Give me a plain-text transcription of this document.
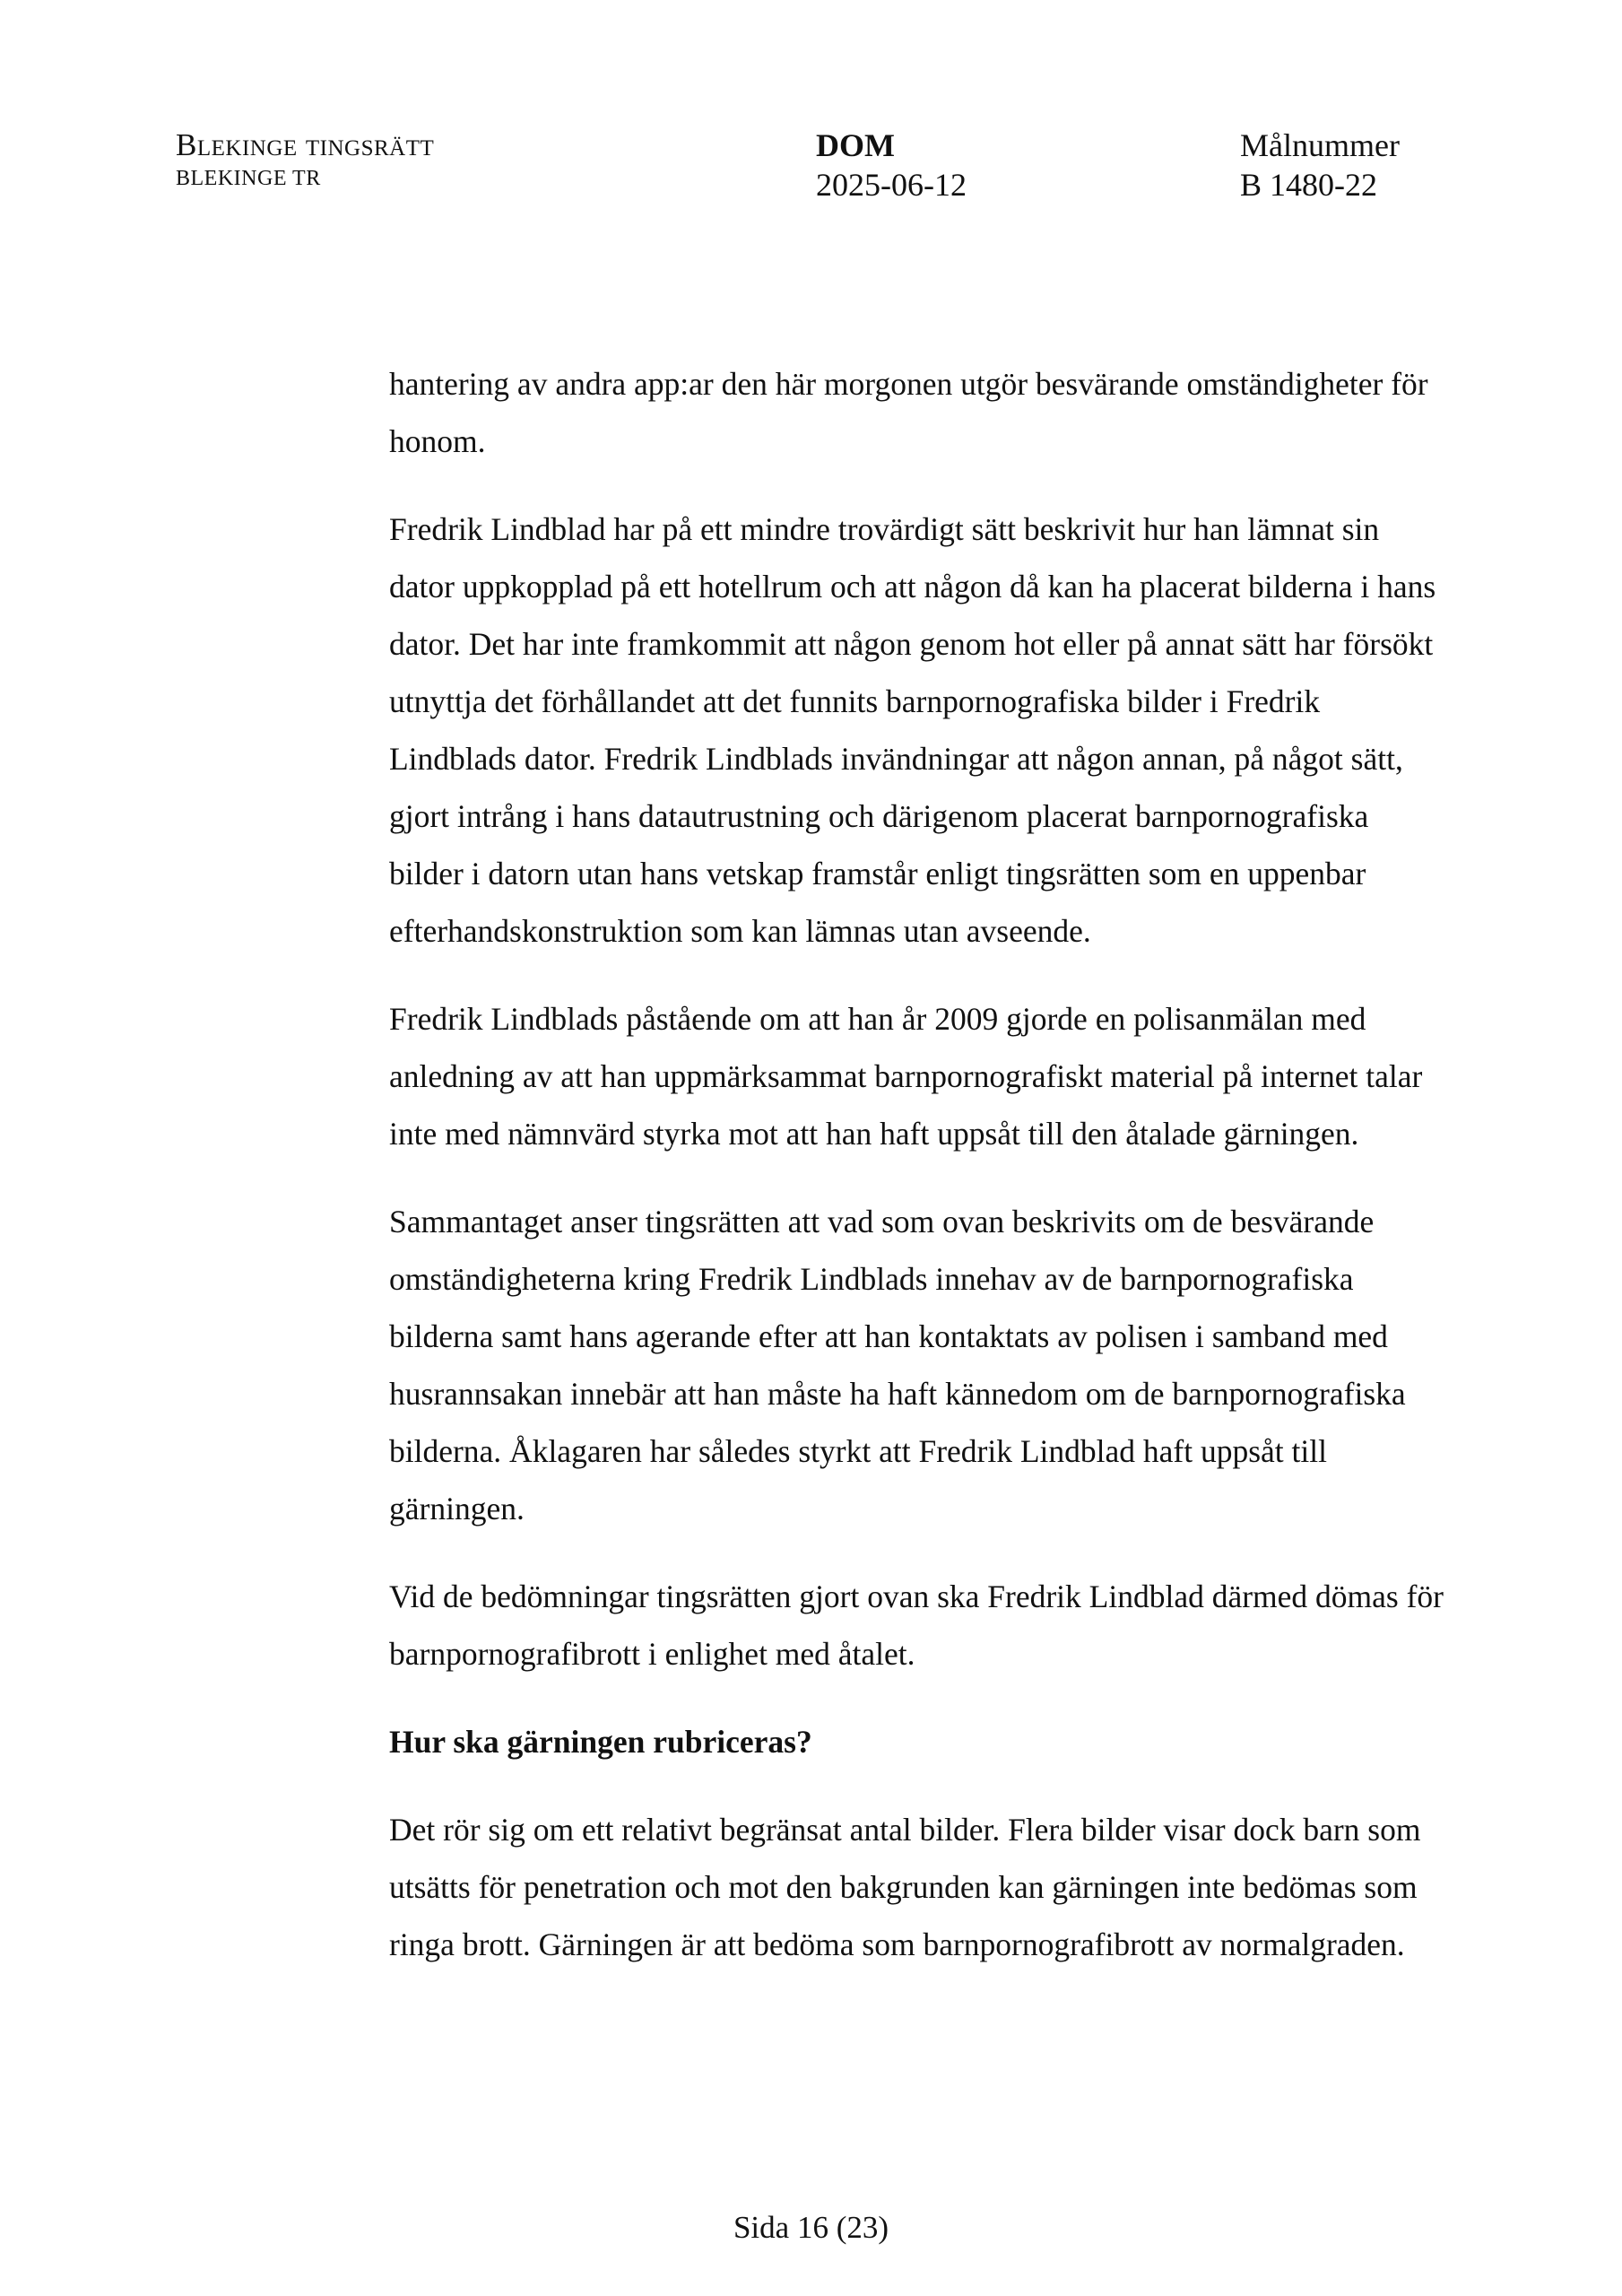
Blekinge tingsrätt
BLEKINGE TR
DOM
2025-06-12
Målnummer
B 1480-22

hantering av andra app:ar den här morgonen utgör besvärande omständigheter för honom.

Fredrik Lindblad har på ett mindre trovärdigt sätt beskrivit hur han lämnat sin dator uppkopplad på ett hotellrum och att någon då kan ha placerat bilderna i hans dator. Det har inte framkommit att någon genom hot eller på annat sätt har försökt utnyttja det förhållandet att det funnits barnpornografiska bilder i Fredrik Lindblads dator. Fredrik Lindblads invändningar att någon annan, på något sätt, gjort intrång i hans datautrustning och därigenom placerat barnpornografiska bilder i datorn utan hans vetskap framstår enligt tingsrätten som en uppenbar efterhandskonstruktion som kan lämnas utan avseende.

Fredrik Lindblads påstående om att han år 2009 gjorde en polisanmälan med anledning av att han uppmärksammat barnpornografiskt material på internet talar inte med nämnvärd styrka mot att han haft uppsåt till den åtalade gärningen.

Sammantaget anser tingsrätten att vad som ovan beskrivits om de besvärande omständigheterna kring Fredrik Lindblads innehav av de barnpornografiska bilderna samt hans agerande efter att han kontaktats av polisen i samband med husrannsakan innebär att han måste ha haft kännedom om de barnpornografiska bilderna. Åklagaren har således styrkt att Fredrik Lindblad haft uppsåt till gärningen.

Vid de bedömningar tingsrätten gjort ovan ska Fredrik Lindblad därmed dömas för barnpornografibrott i enlighet med åtalet.

Hur ska gärningen rubriceras?

Det rör sig om ett relativt begränsat antal bilder. Flera bilder visar dock barn som utsätts för penetration och mot den bakgrunden kan gärningen inte bedömas som ringa brott. Gärningen är att bedöma som barnpornografibrott av normalgraden.

Sida 16 (23)
